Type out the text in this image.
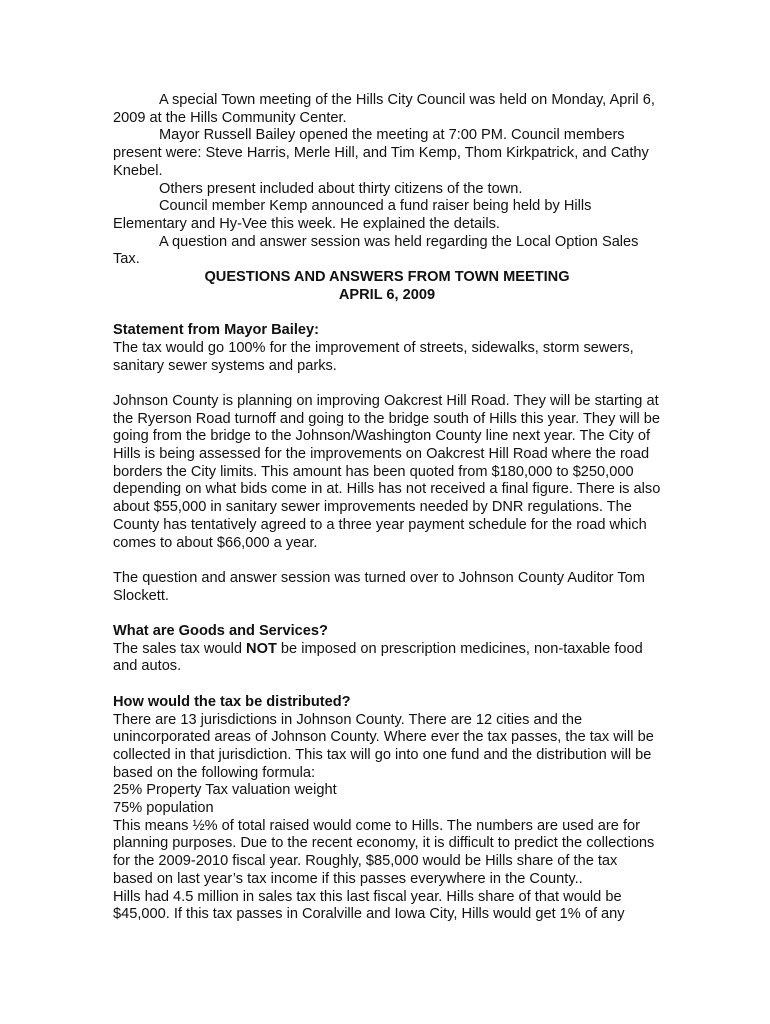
A special Town meeting of the Hills City Council was held on Monday, April 6, 2009 at the Hills Community Center.

Mayor Russell Bailey opened the meeting at 7:00 PM. Council members present were: Steve Harris, Merle Hill, and Tim Kemp, Thom Kirkpatrick, and Cathy Knebel.

Others present included about thirty citizens of the town.

Council member Kemp announced a fund raiser being held by Hills Elementary and Hy-Vee this week. He explained the details.

A question and answer session was held regarding the Local Option Sales Tax.

QUESTIONS AND ANSWERS FROM TOWN MEETING

APRIL 6, 2009

Statement from Mayor Bailey:

The tax would go 100% for the improvement of streets, sidewalks, storm sewers, sanitary sewer systems and parks.

Johnson County is planning on improving Oakcrest Hill Road. They will be starting at the Ryerson Road turnoff and going to the bridge south of Hills this year. They will be going from the bridge to the Johnson/Washington County line next year. The City of Hills is being assessed for the improvements on Oakcrest Hill Road where the road borders the City limits. This amount has been quoted from $180,000 to $250,000 depending on what bids come in at. Hills has not received a final figure. There is also about $55,000 in sanitary sewer improvements needed by DNR regulations. The County has tentatively agreed to a three year payment schedule for the road which comes to about $66,000 a year.

The question and answer session was turned over to Johnson County Auditor Tom Slockett.

What are Goods and Services?

The sales tax would NOT be imposed on prescription medicines, non-taxable food and autos.

How would the tax be distributed?

There are 13 jurisdictions in Johnson County. There are 12 cities and the unincorporated areas of Johnson County. Where ever the tax passes, the tax will be collected in that jurisdiction. This tax will go into one fund and the distribution will be based on the following formula:

25% Property Tax valuation weight

75% population

This means ½% of total raised would come to Hills. The numbers are used are for planning purposes. Due to the recent economy, it is difficult to predict the collections for the 2009-2010 fiscal year. Roughly, $85,000 would be Hills share of the tax based on last year’s tax income if this passes everywhere in the County..

Hills had 4.5 million in sales tax this last fiscal year. Hills share of that would be $45,000. If this tax passes in Coralville and Iowa City, Hills would get 1% of any
